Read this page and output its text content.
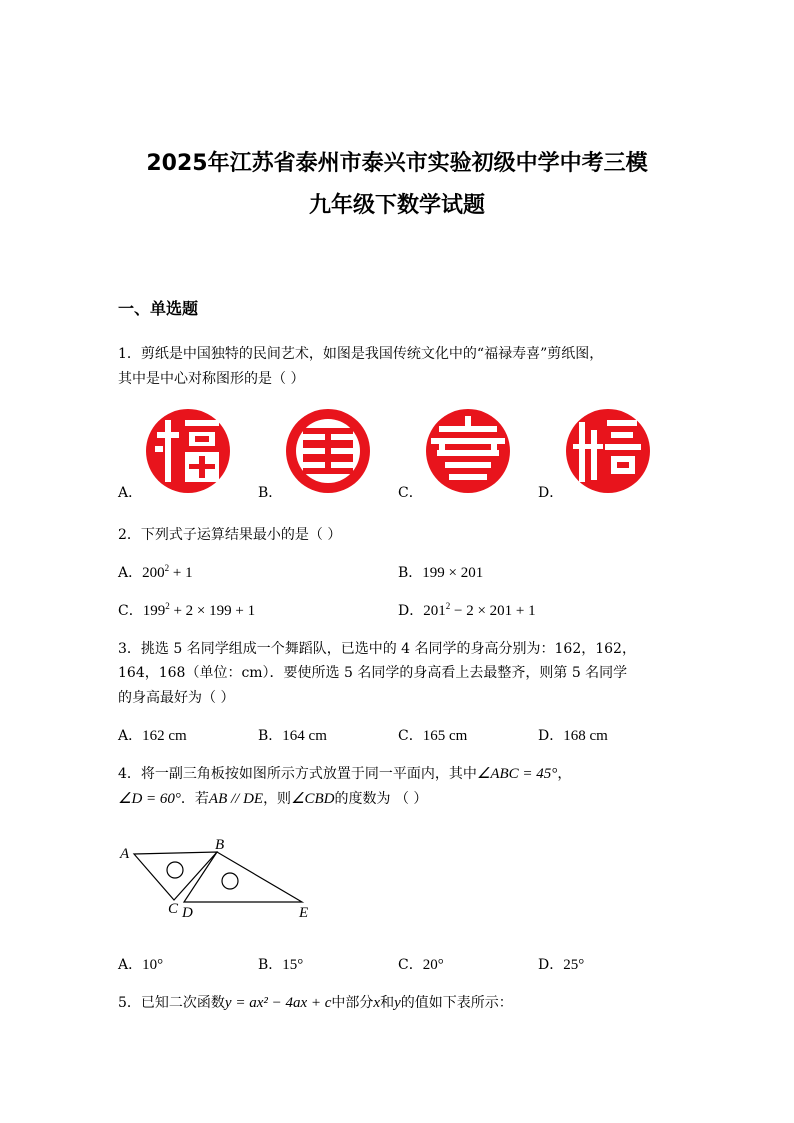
2025年江苏省泰州市泰兴市实验初级中学中考三模
九年级下数学试题
一、单选题
1．剪纸是中国独特的民间艺术，如图是我国传统文化中的“福禄寿喜”剪纸图，
其中是中心对称图形的是（ ）
A．	B．	C．	D．
2．下列式子运算结果最小的是（ ）
A．$200^2 + 1$	B．199 × 201
C．$199^2 + 2 \times 199 + 1$	D．$201^2 - 2 \times 201 + 1$
3．挑选 5 名同学组成一个舞蹈队，已选中的 4 名同学的身高分别为：162，162，
164，168（单位：cm）．要使所选 5 名同学的身高看上去最整齐，则第 5 名同学
的身高最好为（ ）
A．162 cm	B．164 cm	C．165 cm	D．168 cm
4．将一副三角板按如图所示方式放置于同一平面内，其中∠ABC = 45°，
∠D = 60°．若AB // DE，则∠CBD的度数为 （ ）
A
B
C D	E
A．10°	B．15°	C．20°	D．25°
5．已知二次函数y = ax² − 4ax + c中部分x和y的值如下表所示：
